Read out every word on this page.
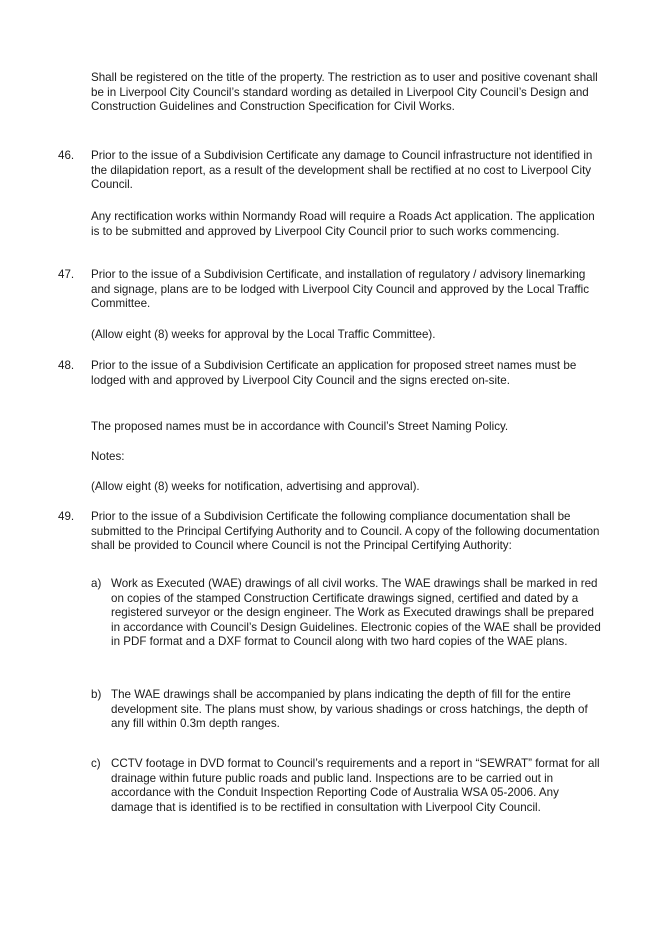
Shall be registered on the title of the property. The restriction as to user and positive covenant shall be in Liverpool City Council’s standard wording as detailed in Liverpool City Council’s Design and Construction Guidelines and Construction Specification for Civil Works.

46.	Prior to the issue of a Subdivision Certificate any damage to Council infrastructure not identified in the dilapidation report, as a result of the development shall be rectified at no cost to Liverpool City Council.

Any rectification works within Normandy Road will require a Roads Act application. The application is to be submitted and approved by Liverpool City Council prior to such works commencing.

47.	Prior to the issue of a Subdivision Certificate, and installation of regulatory / advisory linemarking and signage, plans are to be lodged with Liverpool City Council and approved by the Local Traffic Committee.

(Allow eight (8) weeks for approval by the Local Traffic Committee).

48.	Prior to the issue of a Subdivision Certificate an application for proposed street names must be lodged with and approved by Liverpool City Council and the signs erected on-site.

The proposed names must be in accordance with Council’s Street Naming Policy.

Notes:

(Allow eight (8) weeks for notification, advertising and approval).

49.	Prior to the issue of a Subdivision Certificate the following compliance documentation shall be submitted to the Principal Certifying Authority and to Council. A copy of the following documentation shall be provided to Council where Council is not the Principal Certifying Authority:

a) Work as Executed (WAE) drawings of all civil works. The WAE drawings shall be marked in red on copies of the stamped Construction Certificate drawings signed, certified and dated by a registered surveyor or the design engineer. The Work as Executed drawings shall be prepared in accordance with Council’s Design Guidelines. Electronic copies of the WAE shall be provided in PDF format and a DXF format to Council along with two hard copies of the WAE plans.

b) The WAE drawings shall be accompanied by plans indicating the depth of fill for the entire development site. The plans must show, by various shadings or cross hatchings, the depth of any fill within 0.3m depth ranges.

c) CCTV footage in DVD format to Council’s requirements and a report in “SEWRAT” format for all drainage within future public roads and public land. Inspections are to be carried out in accordance with the Conduit Inspection Reporting Code of Australia WSA 05-2006. Any damage that is identified is to be rectified in consultation with Liverpool City Council.
